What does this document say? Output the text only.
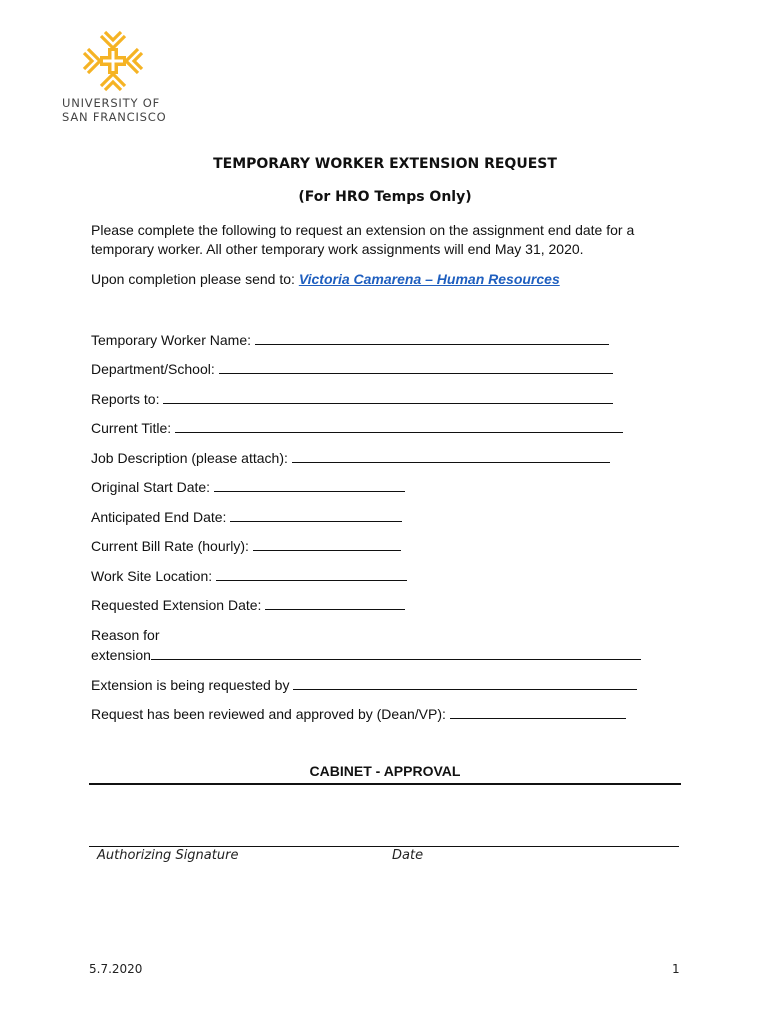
UNIVERSITY OF
SAN FRANCISCO
TEMPORARY WORKER EXTENSION REQUEST
(For HRO Temps Only)
Please complete the following to request an extension on the assignment end date for a temporary worker. All other temporary work assignments will end May 31, 2020.
Upon completion please send to: Victoria Camarena – Human Resources
Temporary Worker Name:
Department/School:
Reports to:
Current Title:
Job Description (please attach):
Original Start Date:
Anticipated End Date:
Current Bill Rate (hourly):
Work Site Location:
Requested Extension Date:
Reason for
extension
Extension is being requested by
Request has been reviewed and approved by (Dean/VP):
CABINET - APPROVAL
Authorizing Signature	Date
5.7.2020	1
